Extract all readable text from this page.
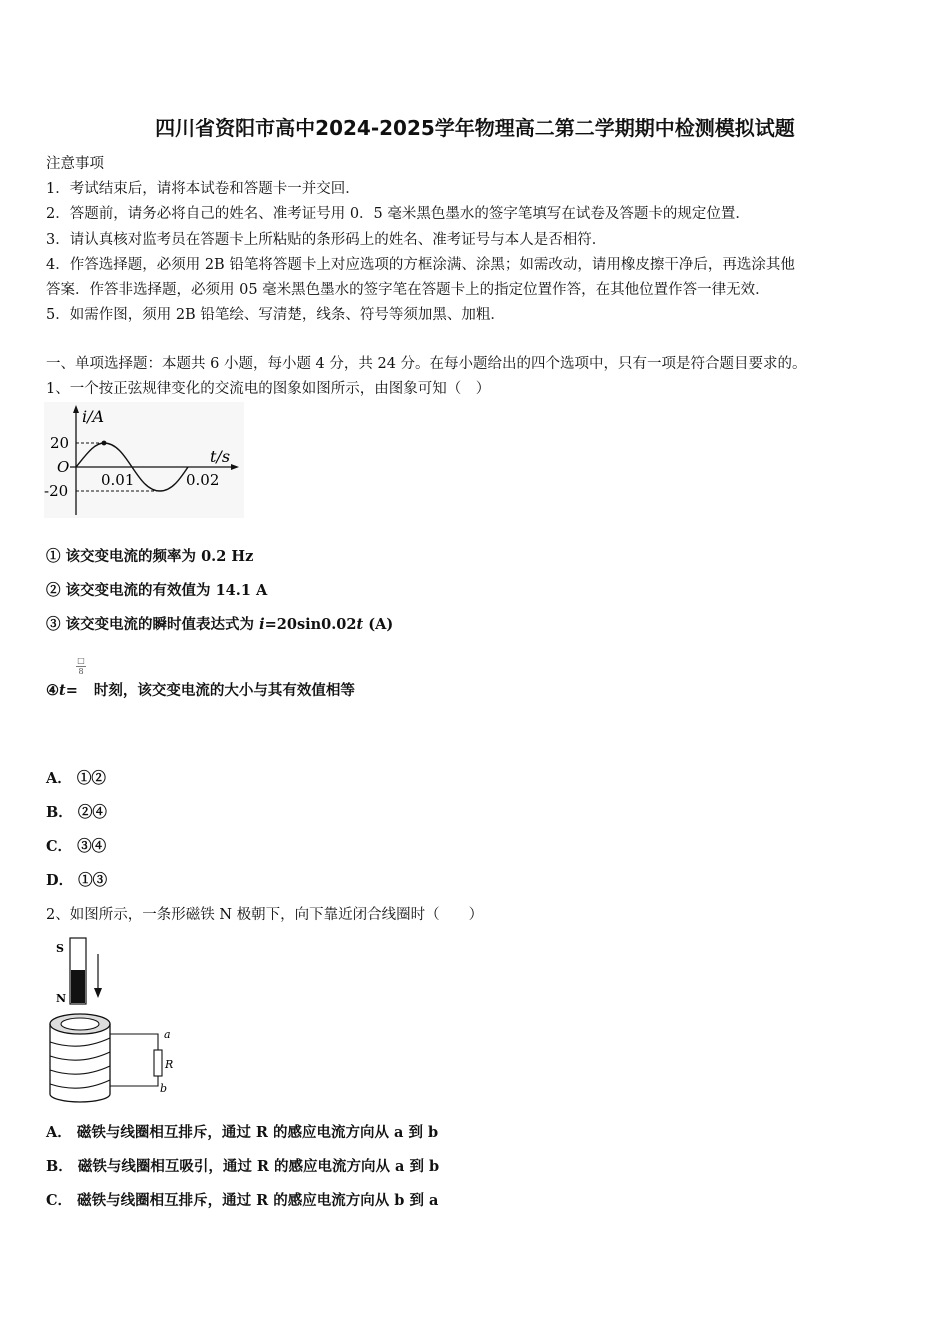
四川省资阳市高中2024-2025学年物理高二第二学期期中检测模拟试题
注意事项
1．考试结束后，请将本试卷和答题卡一并交回．
2．答题前，请务必将自己的姓名、准考证号用 0．5 毫米黑色墨水的签字笔填写在试卷及答题卡的规定位置．
3．请认真核对监考员在答题卡上所粘贴的条形码上的姓名、准考证号与本人是否相符．
4．作答选择题，必须用 2B 铅笔将答题卡上对应选项的方框涂满、涂黑；如需改动，请用橡皮擦干净后，再选涂其他
答案．作答非选择题，必须用 05 毫米黑色墨水的签字笔在答题卡上的指定位置作答，在其他位置作答一律无效．
5．如需作图，须用 2B 铅笔绘、写清楚，线条、符号等须加黑、加粗．
一、单项选择题：本题共 6 小题，每小题 4 分，共 24 分。在每小题给出的四个选项中，只有一项是符合题目要求的。
1、一个按正弦规律变化的交流电的图象如图所示，由图象可知（　）
i/A
t/s
O
20
-20
0.01	0.02
① 该交变电流的频率为 0.2 Hz
② 该交变电流的有效值为 14.1 A
③ 该交变电流的瞬时值表达式为 i=20sin0.02t (A)
④t= 时刻，该交变电流的大小与其有效值相等
□
8
A． ①②
B． ②④
C． ③④
D． ①③
2、如图所示，一条形磁铁 N 极朝下，向下靠近闭合线圈时（　　）
S
N
a
R
b
A． 磁铁与线圈相互排斥，通过 R 的感应电流方向从 a 到 b
B． 磁铁与线圈相互吸引，通过 R 的感应电流方向从 a 到 b
C． 磁铁与线圈相互排斥，通过 R 的感应电流方向从 b 到 a
